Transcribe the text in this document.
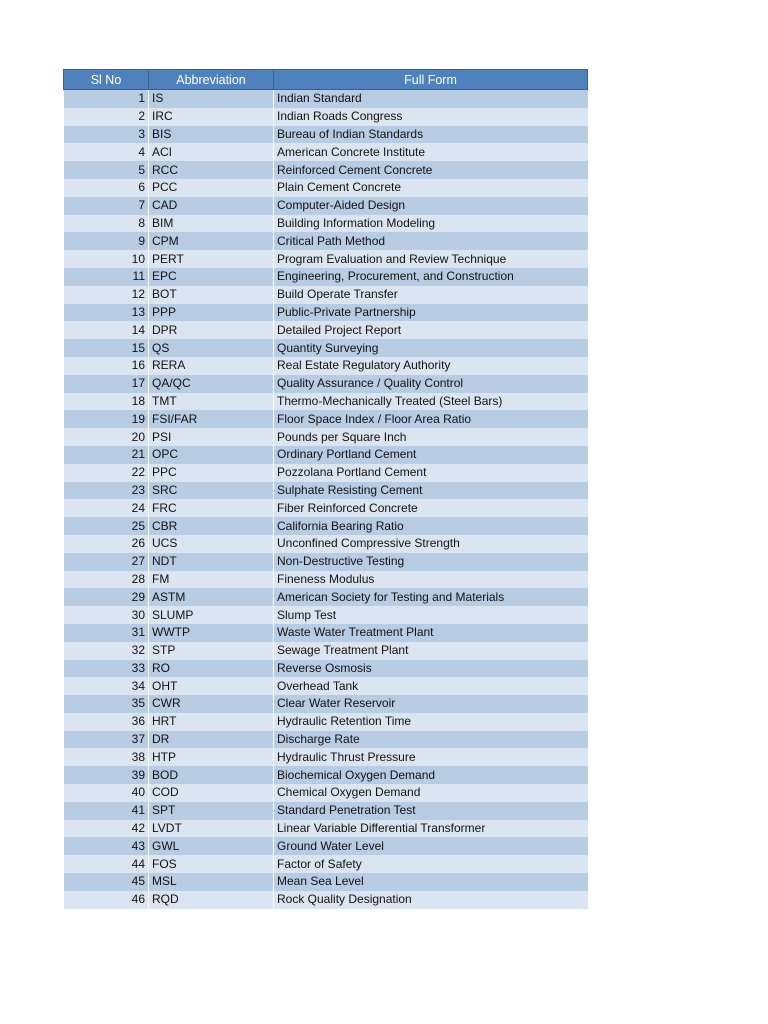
Sl No	Abbreviation	Full Form
1	IS	Indian Standard
2	IRC	Indian Roads Congress
3	BIS	Bureau of Indian Standards
4	ACI	American Concrete Institute
5	RCC	Reinforced Cement Concrete
6	PCC	Plain Cement Concrete
7	CAD	Computer-Aided Design
8	BIM	Building Information Modeling
9	CPM	Critical Path Method
10	PERT	Program Evaluation and Review Technique
11	EPC	Engineering, Procurement, and Construction
12	BOT	Build Operate Transfer
13	PPP	Public-Private Partnership
14	DPR	Detailed Project Report
15	QS	Quantity Surveying
16	RERA	Real Estate Regulatory Authority
17	QA/QC	Quality Assurance / Quality Control
18	TMT	Thermo-Mechanically Treated (Steel Bars)
19	FSI/FAR	Floor Space Index / Floor Area Ratio
20	PSI	Pounds per Square Inch
21	OPC	Ordinary Portland Cement
22	PPC	Pozzolana Portland Cement
23	SRC	Sulphate Resisting Cement
24	FRC	Fiber Reinforced Concrete
25	CBR	California Bearing Ratio
26	UCS	Unconfined Compressive Strength
27	NDT	Non-Destructive Testing
28	FM	Fineness Modulus
29	ASTM	American Society for Testing and Materials
30	SLUMP	Slump Test
31	WWTP	Waste Water Treatment Plant
32	STP	Sewage Treatment Plant
33	RO	Reverse Osmosis
34	OHT	Overhead Tank
35	CWR	Clear Water Reservoir
36	HRT	Hydraulic Retention Time
37	DR	Discharge Rate
38	HTP	Hydraulic Thrust Pressure
39	BOD	Biochemical Oxygen Demand
40	COD	Chemical Oxygen Demand
41	SPT	Standard Penetration Test
42	LVDT	Linear Variable Differential Transformer
43	GWL	Ground Water Level
44	FOS	Factor of Safety
45	MSL	Mean Sea Level
46	RQD	Rock Quality Designation
